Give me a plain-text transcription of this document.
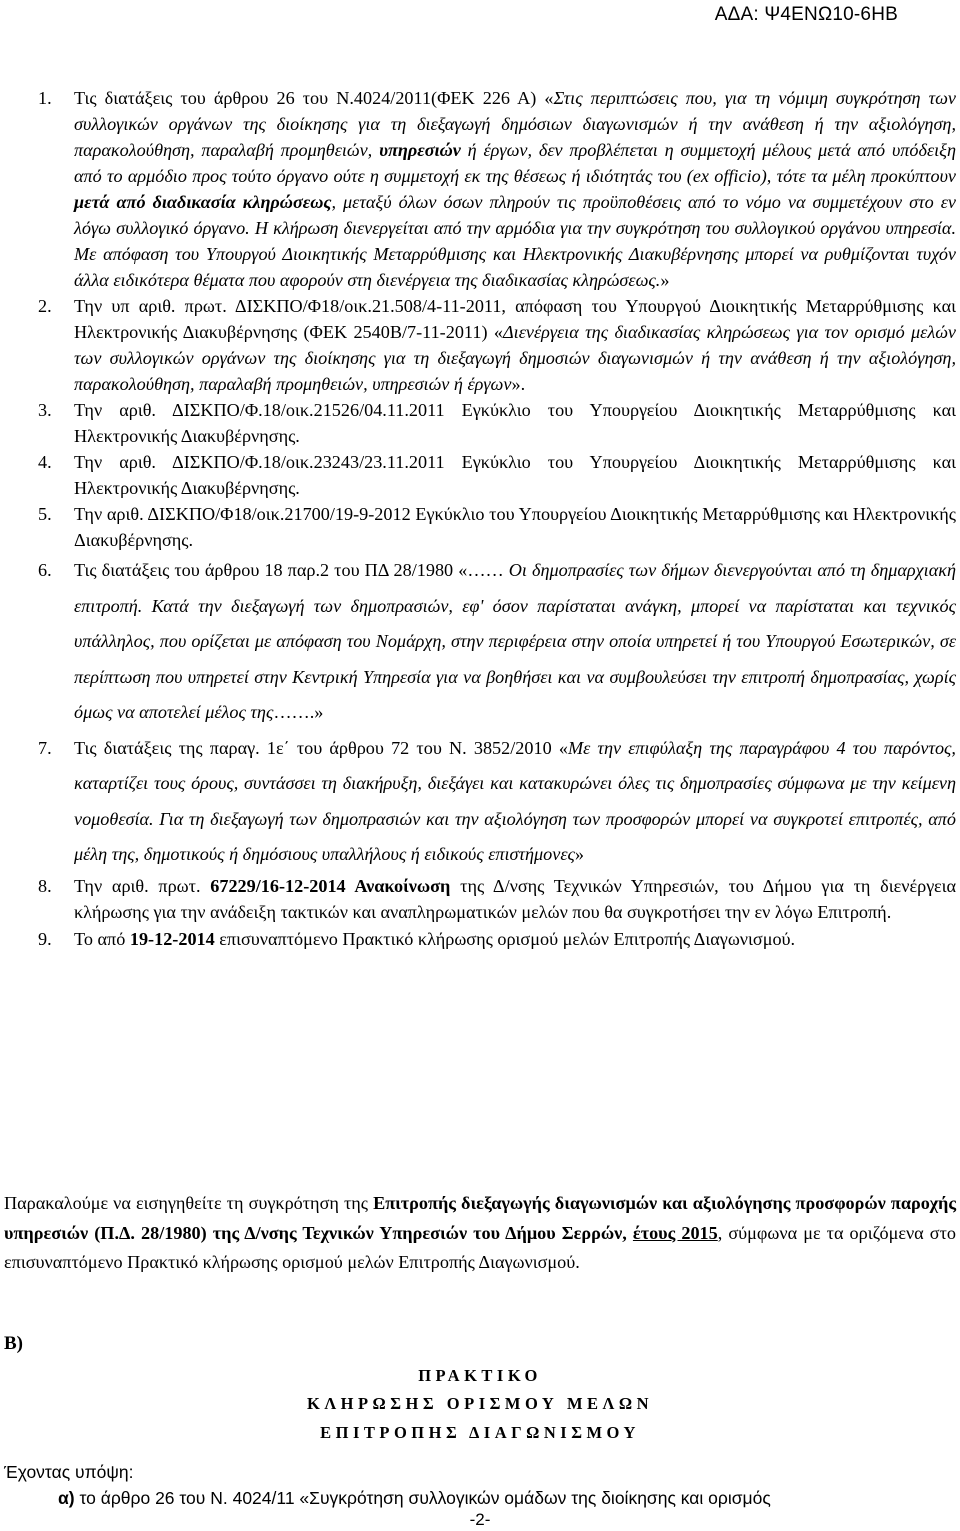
ΑΔΑ: Ψ4ΕΝΩ10-6ΗΒ
1.	Τις διατάξεις του άρθρου 26 του Ν.4024/2011(ΦΕΚ 226 Α) «Στις περιπτώσεις που, για τη νόμιμη συγκρότηση των συλλογικών οργάνων της διοίκησης για τη διεξαγωγή δημόσιων διαγωνισμών ή την ανάθεση ή την αξιολόγηση, παρακολούθηση, παραλαβή προμηθειών, υπηρεσιών ή έργων, δεν προβλέπεται η συμμετοχή μέλους μετά από υπόδειξη από το αρμόδιο προς τούτο όργανο ούτε η συμμετοχή εκ της θέσεως ή ιδιότητάς του (ex officio), τότε τα μέλη προκύπτουν μετά από διαδικασία κληρώσεως, μεταξύ όλων όσων πληρούν τις προϋποθέσεις από το νόμο να συμμετέχουν στο εν λόγω συλλογικό όργανο. Η κλήρωση διενεργείται από την αρμόδια για την συγκρότηση του συλλογικού οργάνου υπηρεσία. Με απόφαση του Υπουργού Διοικητικής Μεταρρύθμισης και Ηλεκτρονικής Διακυβέρνησης μπορεί να ρυθμίζονται τυχόν άλλα ειδικότερα θέματα που αφορούν στη διενέργεια της διαδικασίας κληρώσεως.»
2.	Την υπ αριθ. πρωτ. ΔΙΣΚΠΟ/Φ18/οικ.21.508/4-11-2011, απόφαση του Υπουργού Διοικητικής Μεταρρύθμισης και Ηλεκτρονικής Διακυβέρνησης (ΦΕΚ 2540Β/7-11-2011) «Διενέργεια της διαδικασίας κληρώσεως για τον ορισμό μελών των συλλογικών οργάνων της διοίκησης για τη διεξαγωγή δημοσιών διαγωνισμών ή την ανάθεση ή την αξιολόγηση, παρακολούθηση, παραλαβή προμηθειών, υπηρεσιών ή έργων».
3.	Την αριθ. ΔΙΣΚΠΟ/Φ.18/οικ.21526/04.11.2011 Εγκύκλιο του Υπουργείου Διοικητικής Μεταρρύθμισης και Ηλεκτρονικής Διακυβέρνησης.
4.	Την αριθ. ΔΙΣΚΠΟ/Φ.18/οικ.23243/23.11.2011 Εγκύκλιο του Υπουργείου Διοικητικής Μεταρρύθμισης και Ηλεκτρονικής Διακυβέρνησης.
5.	Την αριθ. ΔΙΣΚΠΟ/Φ18/οικ.21700/19-9-2012 Εγκύκλιο του Υπουργείου Διοικητικής Μεταρρύθμισης και Ηλεκτρονικής Διακυβέρνησης.
6.	Τις διατάξεις του άρθρου 18 παρ.2 του ΠΔ 28/1980 «…… Οι δημοπρασίες των δήμων διενεργούνται από τη δημαρχιακή επιτροπή. Κατά την διεξαγωγή των δημοπρασιών, εφ' όσον παρίσταται ανάγκη, μπορεί να παρίσταται και τεχνικός υπάλληλος, που ορίζεται με απόφαση του Νομάρχη, στην περιφέρεια στην οποία υπηρετεί ή του Υπουργού Εσωτερικών, σε περίπτωση που υπηρετεί στην Κεντρική Υπηρεσία για να βοηθήσει και να συμβουλεύσει την επιτροπή δημοπρασίας, χωρίς όμως να αποτελεί μέλος της…….»
7.	Τις διατάξεις της παραγ. 1ε΄ του άρθρου 72 του Ν. 3852/2010 «Με την επιφύλαξη της παραγράφου 4 του παρόντος, καταρτίζει τους όρους, συντάσσει τη διακήρυξη, διεξάγει και κατακυρώνει όλες τις δημοπρασίες σύμφωνα με την κείμενη νομοθεσία. Για τη διεξαγωγή των δημοπρασιών και την αξιολόγηση των προσφορών μπορεί να συγκροτεί επιτροπές, από μέλη της, δημοτικούς ή δημόσιους υπαλλήλους ή ειδικούς επιστήμονες»
8.	Την αριθ. πρωτ. 67229/16-12-2014 Ανακοίνωση της Δ/νσης Τεχνικών Υπηρεσιών, του Δήμου για τη διενέργεια κλήρωσης για την ανάδειξη τακτικών και αναπληρωματικών μελών που θα συγκροτήσει την εν λόγω Επιτροπή.
9.	Το από 19-12-2014 επισυναπτόμενο Πρακτικό κλήρωσης ορισμού μελών Επιτροπής Διαγωνισμού.

Παρακαλούμε να εισηγηθείτε τη συγκρότηση της Επιτροπής διεξαγωγής διαγωνισμών και αξιολόγησης προσφορών παροχής υπηρεσιών (Π.Δ. 28/1980) της Δ/νσης Τεχνικών Υπηρεσιών του Δήμου Σερρών, έτους 2015, σύμφωνα με τα οριζόμενα στο επισυναπτόμενο Πρακτικό κλήρωσης ορισμού μελών Επιτροπής Διαγωνισμού.

Β)
ΠΡΑΚΤΙΚΟ
ΚΛΗΡΩΣΗΣ ΟΡΙΣΜΟΥ ΜΕΛΩΝ
ΕΠΙΤΡΟΠΗΣ ΔΙΑΓΩΝΙΣΜΟΥ
Έχοντας υπόψη:
α) το άρθρο 26 του Ν. 4024/11 «Συγκρότηση συλλογικών ομάδων της διοίκησης και ορισμός
-2-
